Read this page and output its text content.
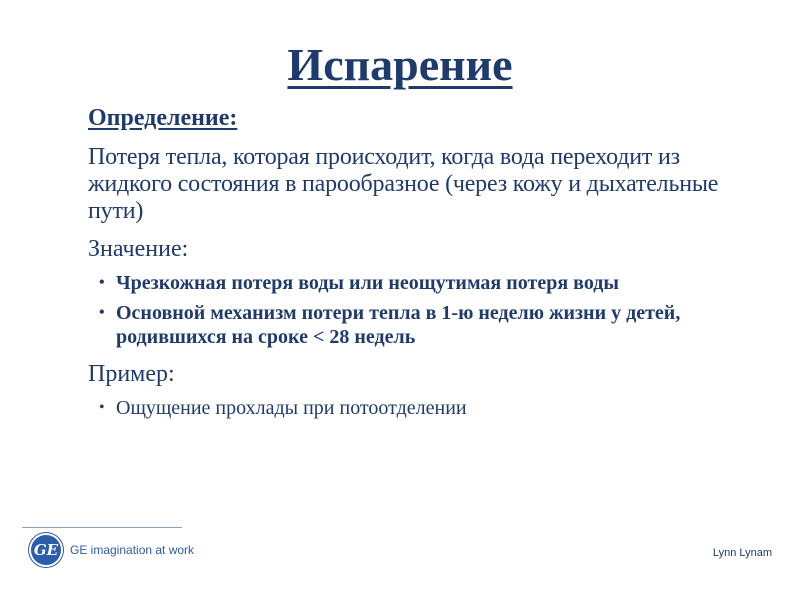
Испарение
Определение:
Потеря тепла, которая происходит, когда вода переходит из жидкого состояния в парообразное (через кожу и дыхательные пути)
Значение:
• Чрезкожная потеря воды или неощутимая потеря воды
• Основной механизм потери тепла в 1-ю неделю жизни у детей, родившихся на сроке < 28 недель
Пример:
• Ощущение прохлады при потоотделении
GE GE imagination at work	Lynn Lynam
